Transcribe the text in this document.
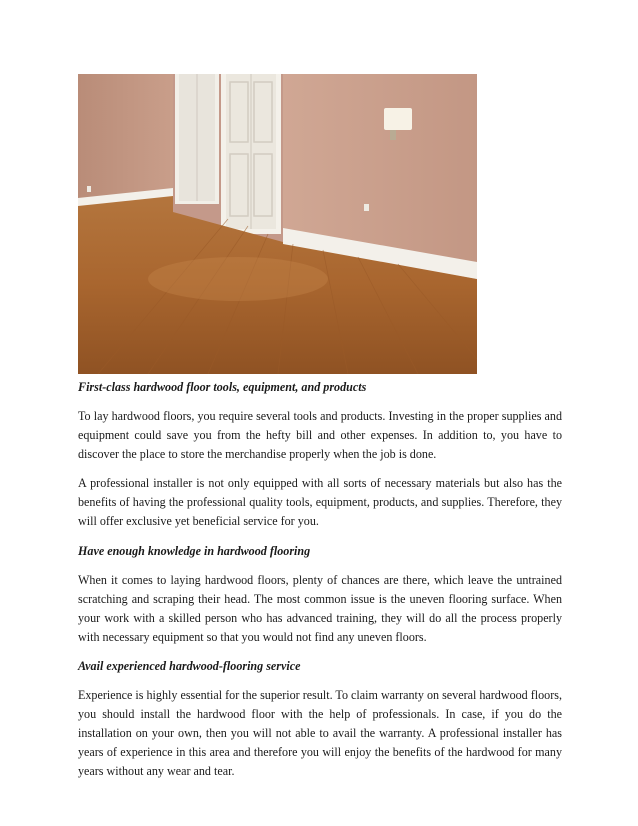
First-class hardwood floor tools, equipment, and products

To lay hardwood floors, you require several tools and products. Investing in the proper supplies and equipment could save you from the hefty bill and other expenses. In addition to, you have to discover the place to store the merchandise properly when the job is done.

A professional installer is not only equipped with all sorts of necessary materials but also has the benefits of having the professional quality tools, equipment, products, and supplies. Therefore, they will offer exclusive yet beneficial service for you.

Have enough knowledge in hardwood flooring

When it comes to laying hardwood floors, plenty of chances are there, which leave the untrained scratching and scraping their head. The most common issue is the uneven flooring surface. When your work with a skilled person who has advanced training, they will do all the process properly with necessary equipment so that you would not find any uneven floors.

Avail experienced hardwood-flooring service

Experience is highly essential for the superior result. To claim warranty on several hardwood floors, you should install the hardwood floor with the help of professionals. In case, if you do the installation on your own, then you will not able to avail the warranty. A professional installer has years of experience in this area and therefore you will enjoy the benefits of the hardwood for many years without any wear and tear.
